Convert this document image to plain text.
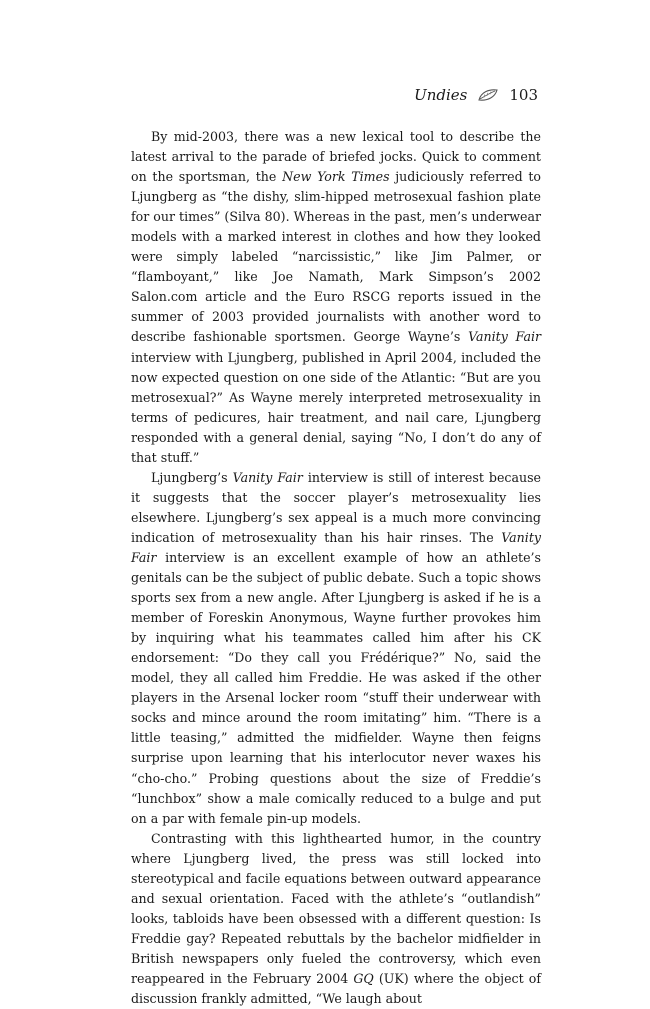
Undies	103

By mid-2003, there was a new lexical tool to describe the latest arrival to the parade of briefed jocks. Quick to comment on the sportsman, the New York Times judiciously referred to Ljungberg as “the dishy, slim-hipped metrosexual fashion plate for our times” (Silva 80). Whereas in the past, men’s underwear models with a marked interest in clothes and how they looked were simply labeled “narcissistic,” like Jim Palmer, or “flamboyant,” like Joe Namath, Mark Simpson’s 2002 Salon.com article and the Euro RSCG reports issued in the summer of 2003 provided journalists with another word to describe fashionable sportsmen. George Wayne’s Vanity Fair interview with Ljungberg, published in April 2004, included the now expected question on one side of the Atlantic: “But are you metrosexual?” As Wayne merely interpreted metrosexuality in terms of pedicures, hair treatment, and nail care, Ljungberg responded with a general denial, saying “No, I don’t do any of that stuff.”

Ljungberg’s Vanity Fair interview is still of interest because it suggests that the soccer player’s metrosexuality lies elsewhere. Ljungberg’s sex appeal is a much more convincing indication of metrosexuality than his hair rinses. The Vanity Fair interview is an excellent example of how an athlete’s genitals can be the subject of public debate. Such a topic shows sports sex from a new angle. After Ljungberg is asked if he is a member of Foreskin Anonymous, Wayne further provokes him by inquiring what his teammates called him after his CK endorsement: “Do they call you Frédérique?” No, said the model, they all called him Freddie. He was asked if the other players in the Arsenal locker room “stuff their underwear with socks and mince around the room imitating” him. “There is a little teasing,” admitted the midfielder. Wayne then feigns surprise upon learning that his interlocutor never waxes his “cho-cho.” Probing questions about the size of Freddie’s “lunchbox” show a male comically reduced to a bulge and put on a par with female pin-up models.

Contrasting with this lighthearted humor, in the country where Ljungberg lived, the press was still locked into stereotypical and facile equations between outward appearance and sexual orientation. Faced with the athlete’s “outlandish” looks, tabloids have been obsessed with a different question: Is Freddie gay? Repeated rebuttals by the bachelor midfielder in British newspapers only fueled the controversy, which even reappeared in the February 2004 GQ (UK) where the object of discussion frankly admitted, “We laugh about
